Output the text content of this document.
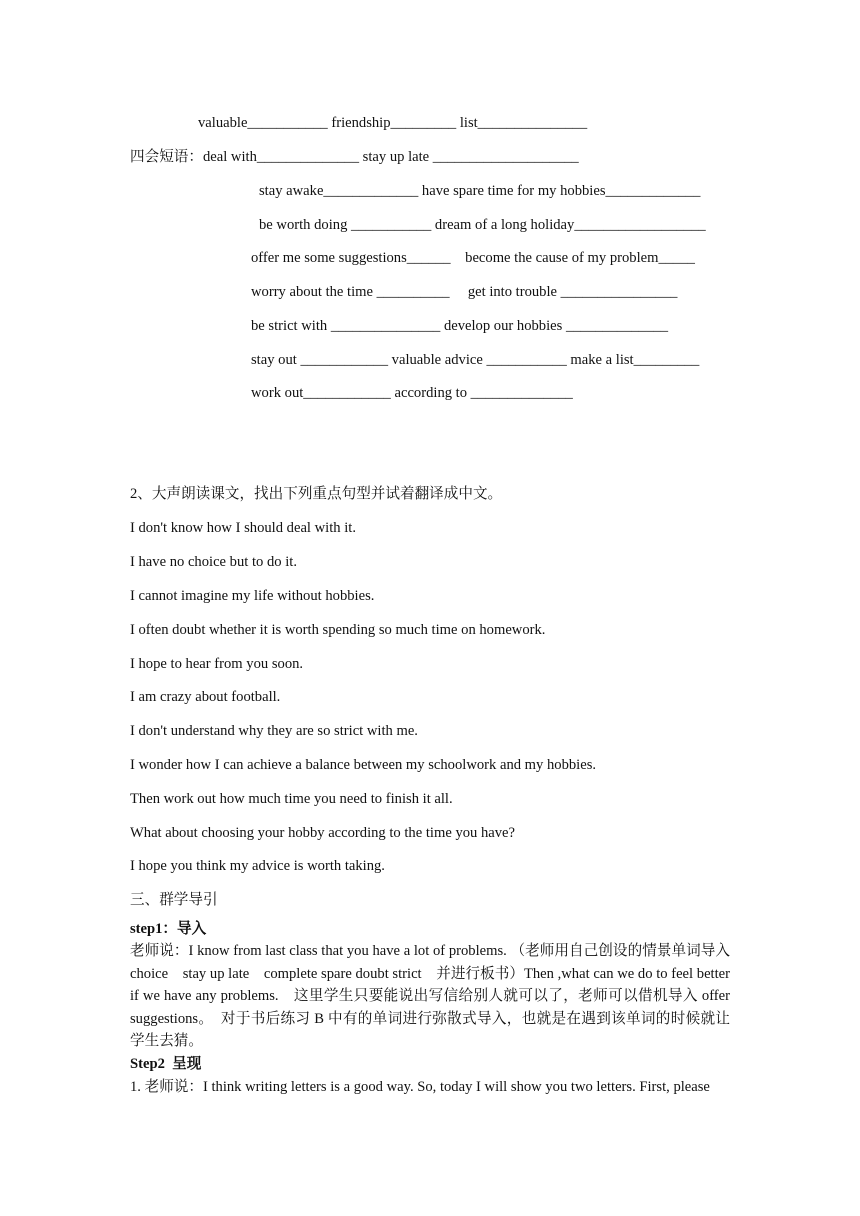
valuable___________ friendship_________ list_______________
四会短语：deal with______________ stay up late ____________________
stay awake_____________ have spare time for my hobbies_____________
be worth doing ___________ dream of a long holiday__________________
offer me some suggestions______    become the cause of my problem_____
worry about the time __________     get into trouble ________________
be strict with _______________ develop our hobbies ______________
stay out ____________ valuable advice ___________ make a list_________
work out____________ according to ______________
2、大声朗读课文，找出下列重点句型并试着翻译成中文。
I don't know how I should deal with it.
I have no choice but to do it.
I cannot imagine my life without hobbies.
I often doubt whether it is worth spending so much time on homework.
I hope to hear from you soon.
I am crazy about football.
I don't understand why they are so strict with me.
I wonder how I can achieve a balance between my schoolwork and my hobbies.
Then work out how much time you need to finish it all.
What about choosing your hobby according to the time you have?
I hope you think my advice is worth taking.
三、群学导引
step1：导入
老师说：I know from last class that you have a lot of problems. （老师用自己创设的情景单词导入 choice　stay up late　complete spare doubt strict　并进行板书）Then ,what can we do to feel better if we have any problems.　这里学生只要能说出写信给别人就可以了，老师可以借机导入 offer　suggestions。　对于书后练习 B 中有的单词进行弥散式导入，也就是在遇到该单词的时候就让学生去猜。
Step2  呈现
1. 老师说：I think writing letters is a good way. So, today I will show you two letters. First, please
